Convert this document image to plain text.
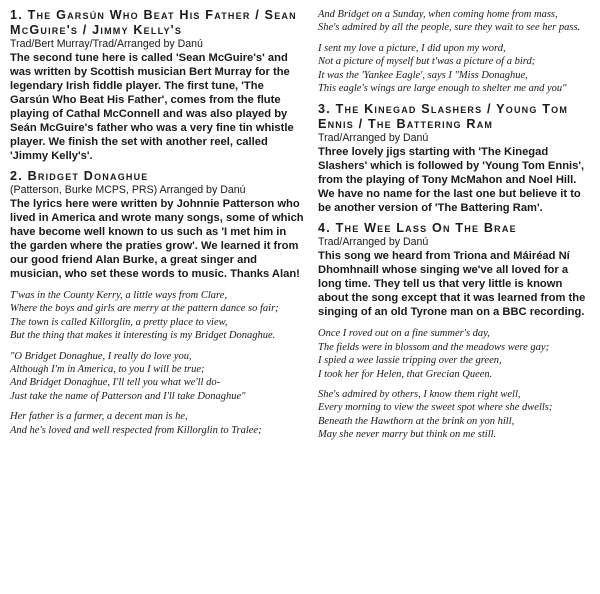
1. The Garsún Who Beat His Father / Sean McGuire's / Jimmy Kelly's

Trad/Bert Murray/Trad/Arranged by Danú

The second tune here is called 'Sean McGuire's' and was written by Scottish musician Bert Murray for the legendary Irish fiddle player. The first tune, 'The Garsún Who Beat His Father', comes from the flute playing of Cathal McConnell and was also played by Seán McGuire's father who was a very fine tin whistle player. We finish the set with another reel, called 'Jimmy Kelly's'.

2. Bridget Donaghue

(Patterson, Burke MCPS, PRS) Arranged by Danú

The lyrics here were written by Johnnie Patterson who lived in America and wrote many songs, some of which have become well known to us such as 'I met him in the garden where the praties grow'. We learned it from our good friend Alan Burke, a great singer and musician, who set these words to music. Thanks Alan!

T'was in the County Kerry, a little ways from Clare,
Where the boys and girls are merry at the pattern dance so fair;
The town is called Killorglin, a pretty place to view,
But the thing that makes it interesting is my Bridget Donaghue.

"O Bridget Donaghue, I really do love you,
Although I'm in America, to you I will be true;
And Bridget Donaghue, I'll tell you what we'll do-
Just take the name of Patterson and I'll take Donaghue"

Her father is a farmer, a decent man is he,
And he's loved and well respected from Killorglin to Tralee;

And Bridget on a Sunday, when coming home from mass,
She's admired by all the people, sure they wait to see her pass.

I sent my love a picture, I did upon my word,
Not a picture of myself but t'was a picture of a bird;
It was the 'Yankee Eagle', says I "Miss Donaghue,
This eagle's wings are large enough to shelter me and you"

3. The Kinegad Slashers / Young Tom Ennis / The Battering Ram

Trad/Arranged by Danú

Three lovely jigs starting with 'The Kinegad Slashers' which is followed by 'Young Tom Ennis', from the playing of Tony McMahon and Noel Hill. We have no name for the last one but believe it to be another version of 'The Battering Ram'.

4. The Wee Lass On The Brae

Trad/Arranged by Danú

This song we heard from Triona and Máiréad Ní Dhomhnaill whose singing we've all loved for a long time. They tell us that very little is known about the song except that it was learned from the singing of an old Tyrone man on a BBC recording.

Once I roved out on a fine summer's day,
The fields were in blossom and the meadows were gay;
I spied a wee lassie tripping over the green,
I took her for Helen, that Grecian Queen.

She's admired by others, I know them right well,
Every morning to view the sweet spot where she dwells;
Beneath the Hawthorn at the brink on yon hill,
May she never marry but think on me still.
